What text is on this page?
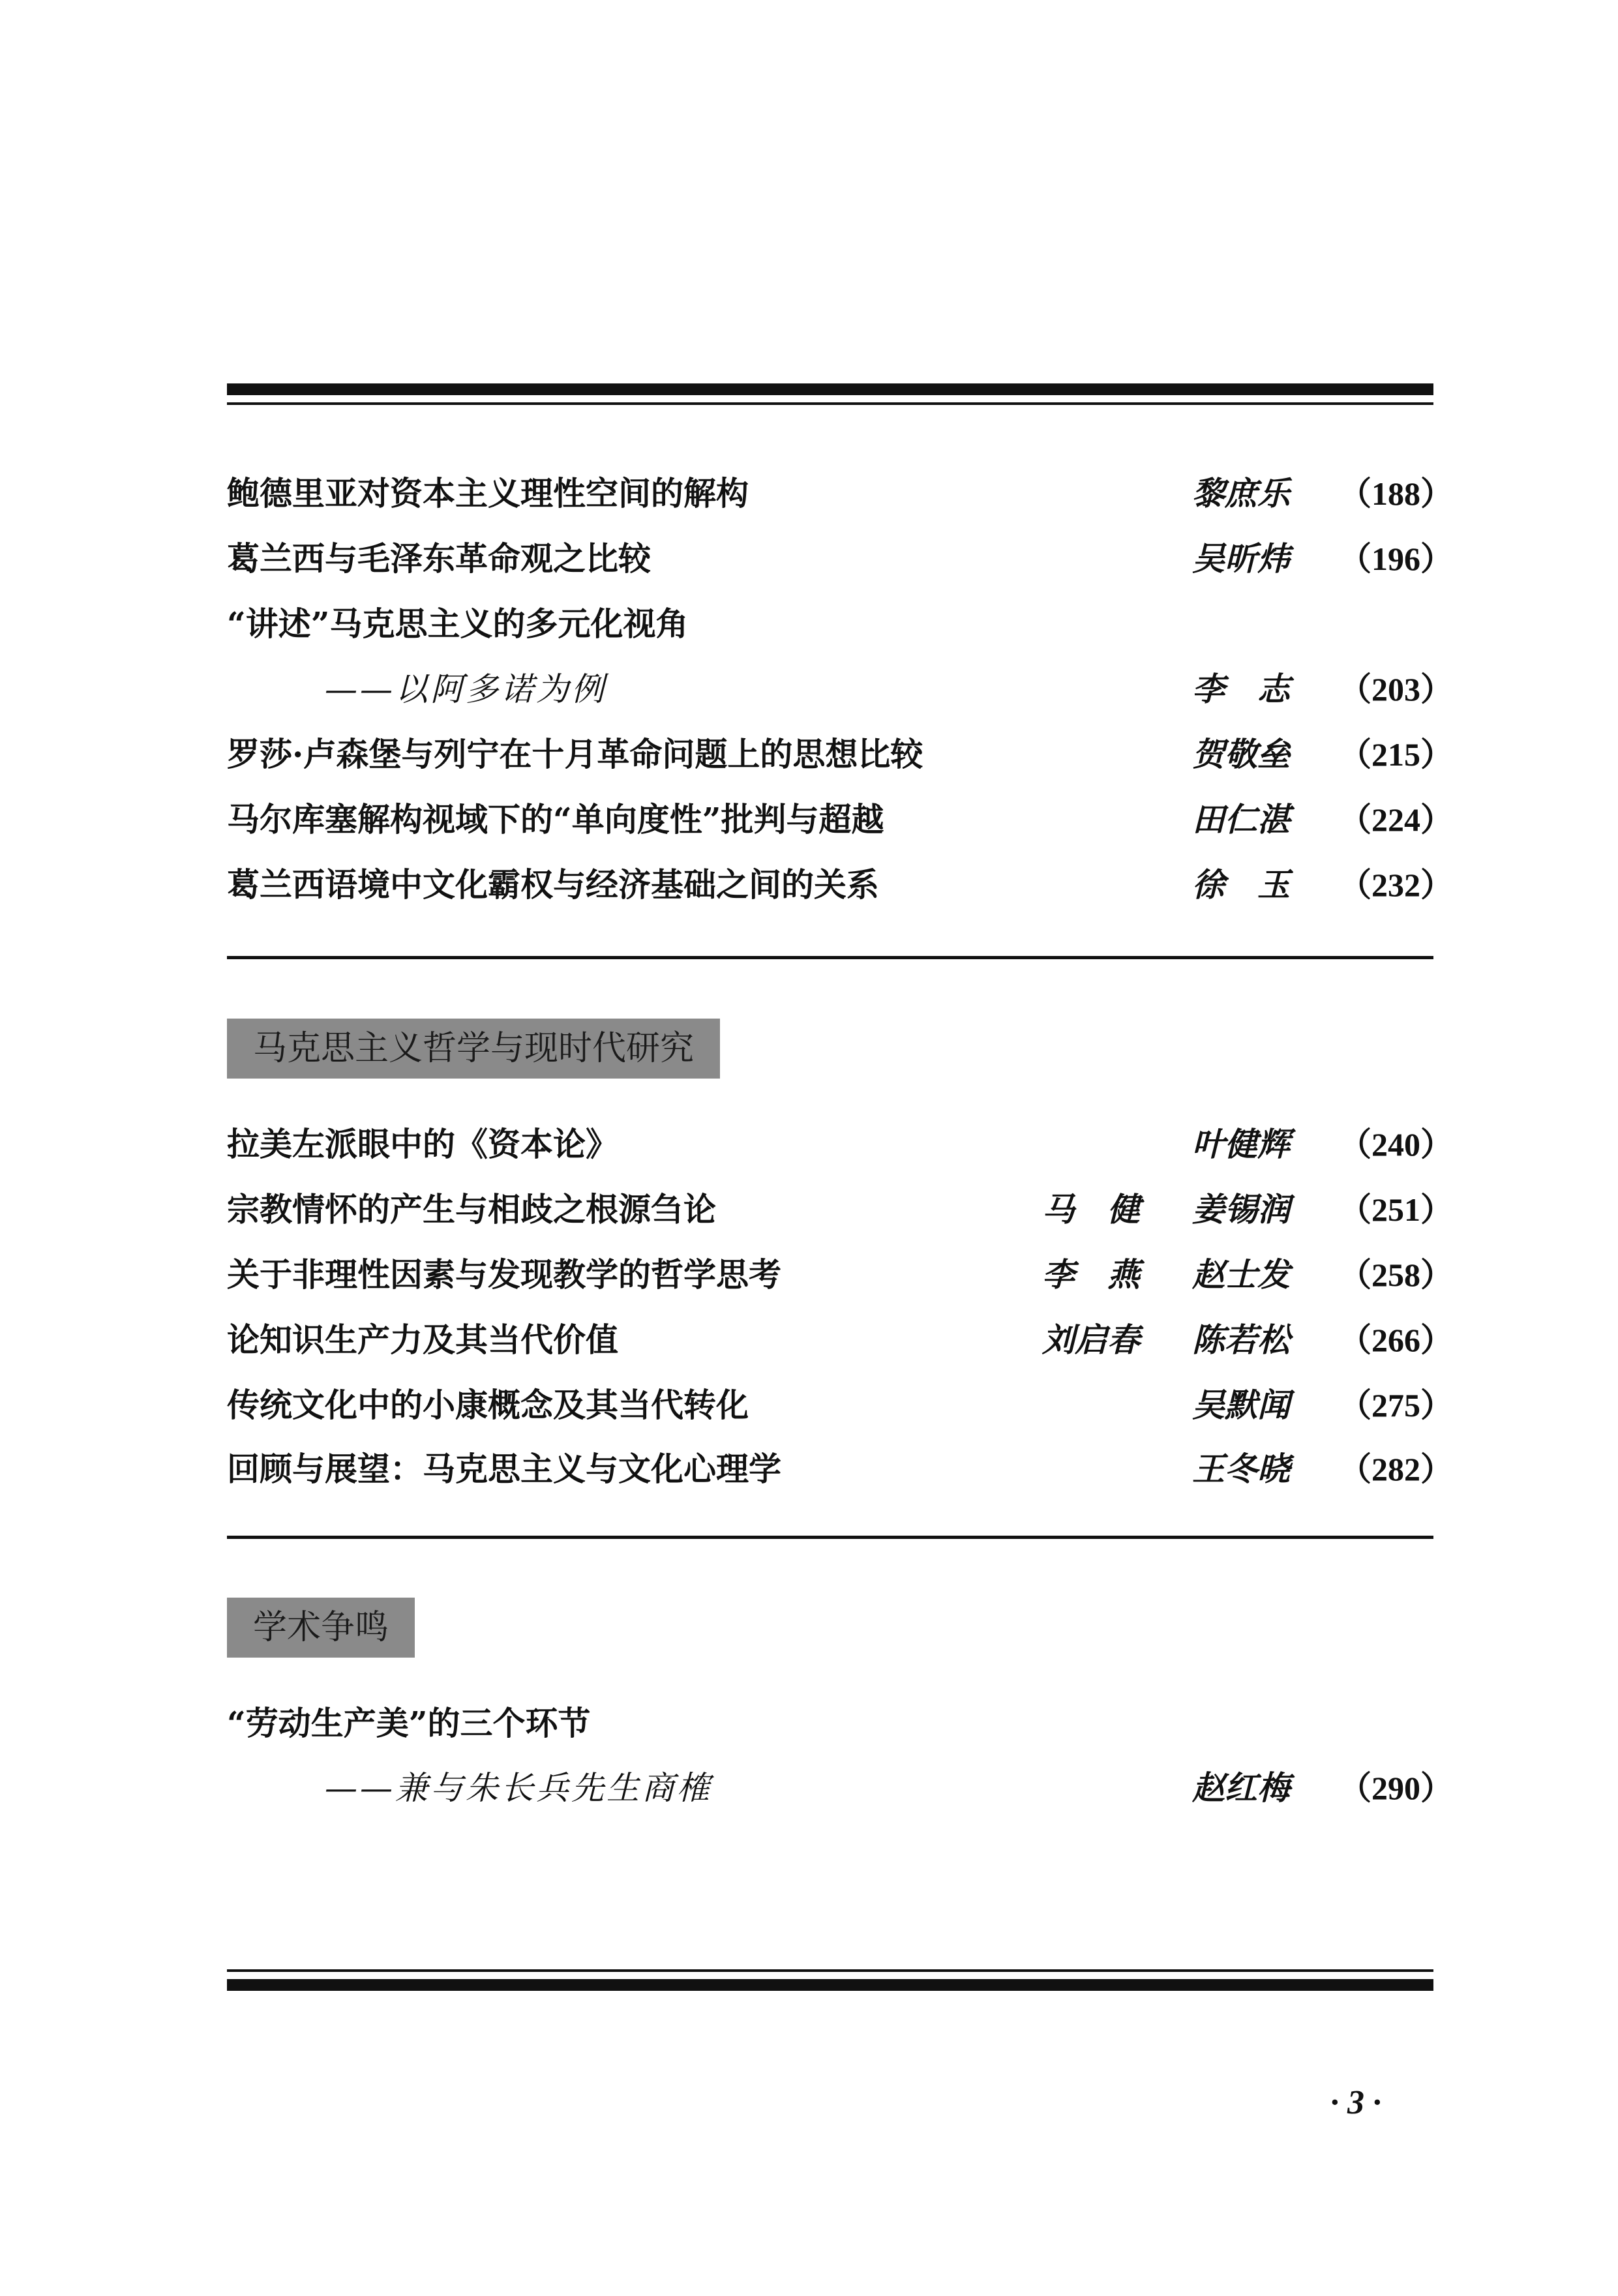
鲍德里亚对资本主义理性空间的解构	黎庶乐 （188）
葛兰西与毛泽东革命观之比较	吴昕炜 （196）
“讲述”马克思主义的多元化视角
——以阿多诺为例	李　志 （203）
罗莎·卢森堡与列宁在十月革命问题上的思想比较	贺敬垒 （215）
马尔库塞解构视域下的“单向度性”批判与超越	田仁湛 （224）
葛兰西语境中文化霸权与经济基础之间的关系	徐　玉 （232）
马克思主义哲学与现时代研究
拉美左派眼中的《资本论》	叶健辉 （240）
宗教情怀的产生与相歧之根源刍论	马　健 姜锡润 （251）
关于非理性因素与发现教学的哲学思考	李　燕 赵士发 （258）
论知识生产力及其当代价值	刘启春 陈若松 （266）
传统文化中的小康概念及其当代转化	吴默闻 （275）
回顾与展望：马克思主义与文化心理学	王冬晓 （282）
学术争鸣
“劳动生产美”的三个环节
——兼与朱长兵先生商榷	赵红梅 （290）
· 3 ·
